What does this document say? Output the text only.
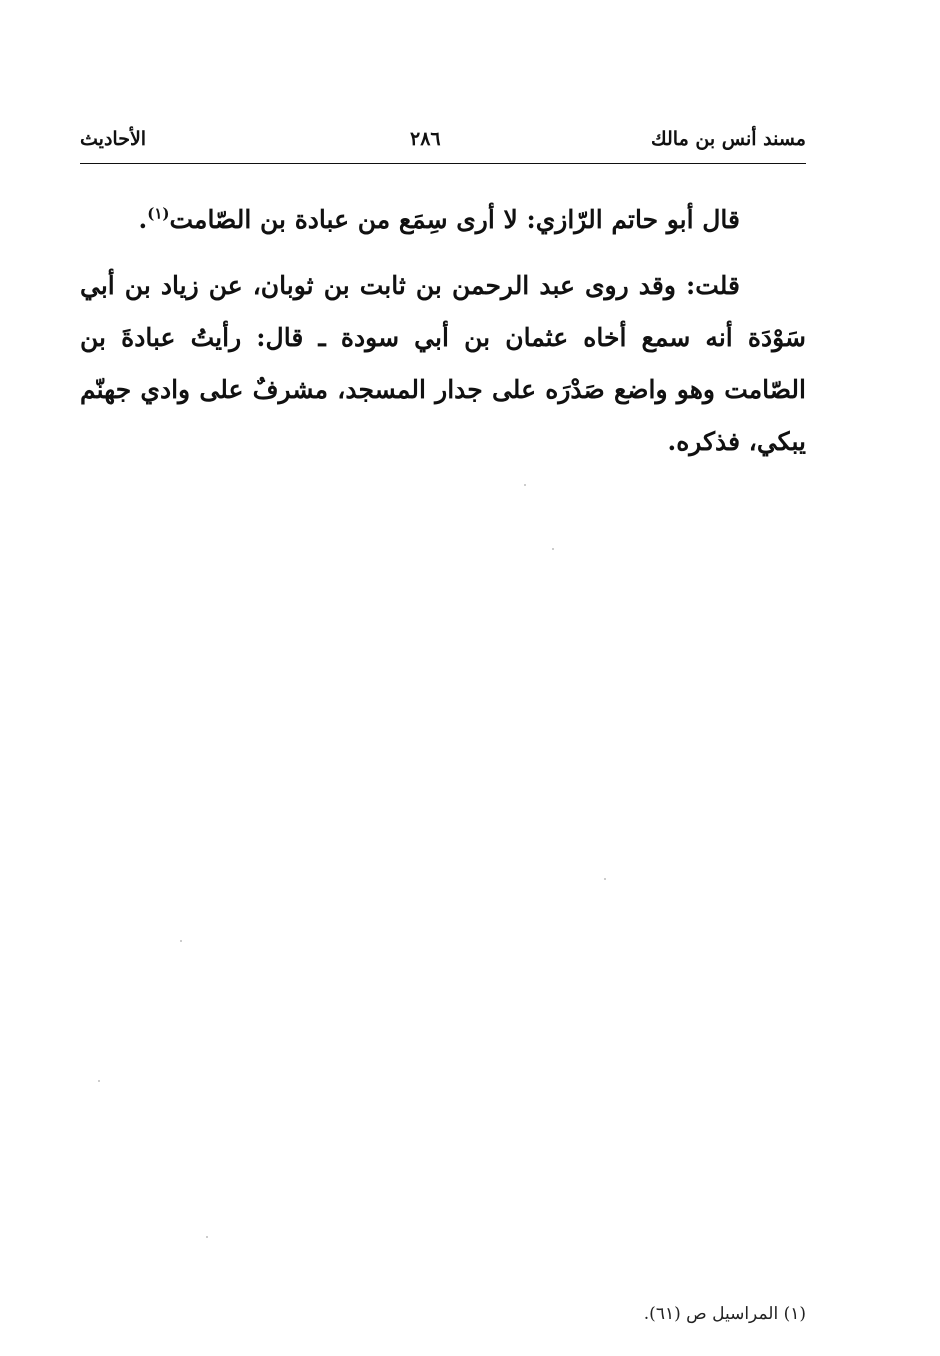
مسند أنس بن مالك
٢٨٦
الأحاديث

قال أبو حاتم الرّازي: لا أرى سِمَع من عبادة بن الصّامت$^{(١)}$.

قلت: وقد روى عبد الرحمن بن ثابت بن ثوبان، عن زياد بن أبي سَوْدَة أنه سمع أخاه عثمان بن أبي سودة ـ قال: رأيتُ عبادةَ بن الصّامت وهو واضع صَدْرَه على جدار المسجد، مشرفٌ على وادي جهنّم يبكي، فذكره.

(١) المراسيل ص (٦١).
